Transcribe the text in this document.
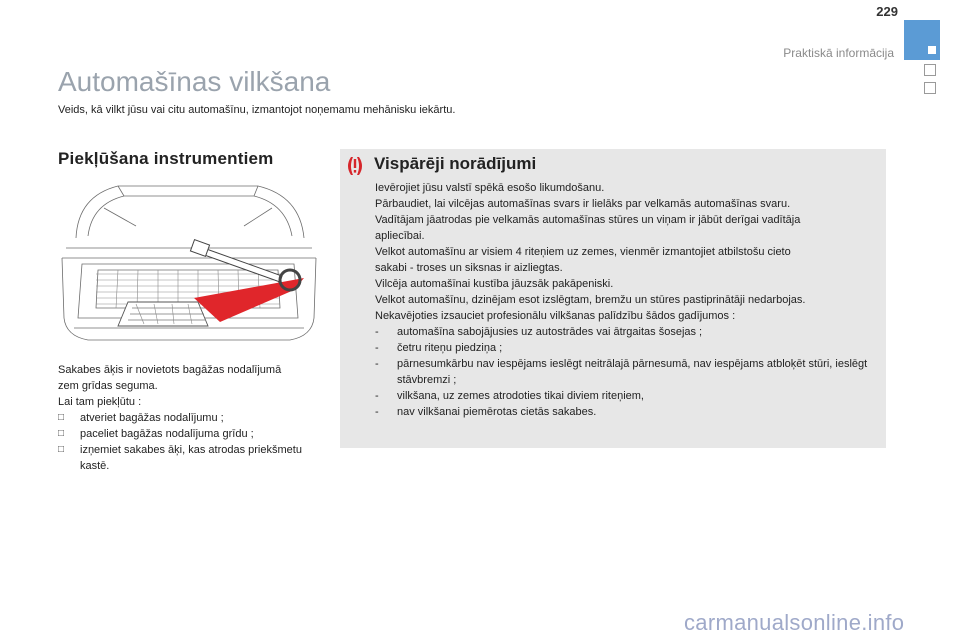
229
Praktiskā informācija
Automašīnas vilkšana
Veids, kā vilkt jūsu vai citu automašīnu, izmantojot noņemamu mehānisku iekārtu.
Piekļūšana instrumentiem

Sakabes āķis ir novietots bagāžas nodalījumā

zem grīdas seguma.

Lai tam piekļūtu :

□ atveriet bagāžas nodalījumu ;
□ paceliet bagāžas nodalījuma grīdu ;
□ izņemiet sakabes āķi, kas atrodas priekšmetu kastē.
Vispārēji norādījumi

Ievērojiet jūsu valstī spēkā esošo likumdošanu.

Pārbaudiet, lai vilcējas automašīnas svars ir lielāks par velkamās automašīnas svaru.

Vadītājam jāatrodas pie velkamās automašīnas stūres un viņam ir jābūt derīgai vadītāja

apliecībai.

Velkot automašīnu ar visiem 4 riteņiem uz zemes, vienmēr izmantojiet atbilstošu cieto

sakabi - troses un siksnas ir aizliegtas.

Vilcēja automašīnai kustība jāuzsāk pakāpeniski.

Velkot automašīnu, dzinējam esot izslēgtam, bremžu un stūres pastiprinātāji nedarbojas.

Nekavējoties izsauciet profesionālu vilkšanas palīdzību šādos gadījumos :

- automašīna sabojājusies uz autostrādes vai ātrgaitas šosejas ;
- četru riteņu piedziņa ;
- pārnesumkārbu nav iespējams ieslēgt neitrālajā pārnesumā, nav iespējams atbloķēt stūri, ieslēgt stāvbremzi ;
- vilkšana, uz zemes atrodoties tikai diviem riteņiem,
- nav vilkšanai piemērotas cietās sakabes.
carmanualsonline.info
